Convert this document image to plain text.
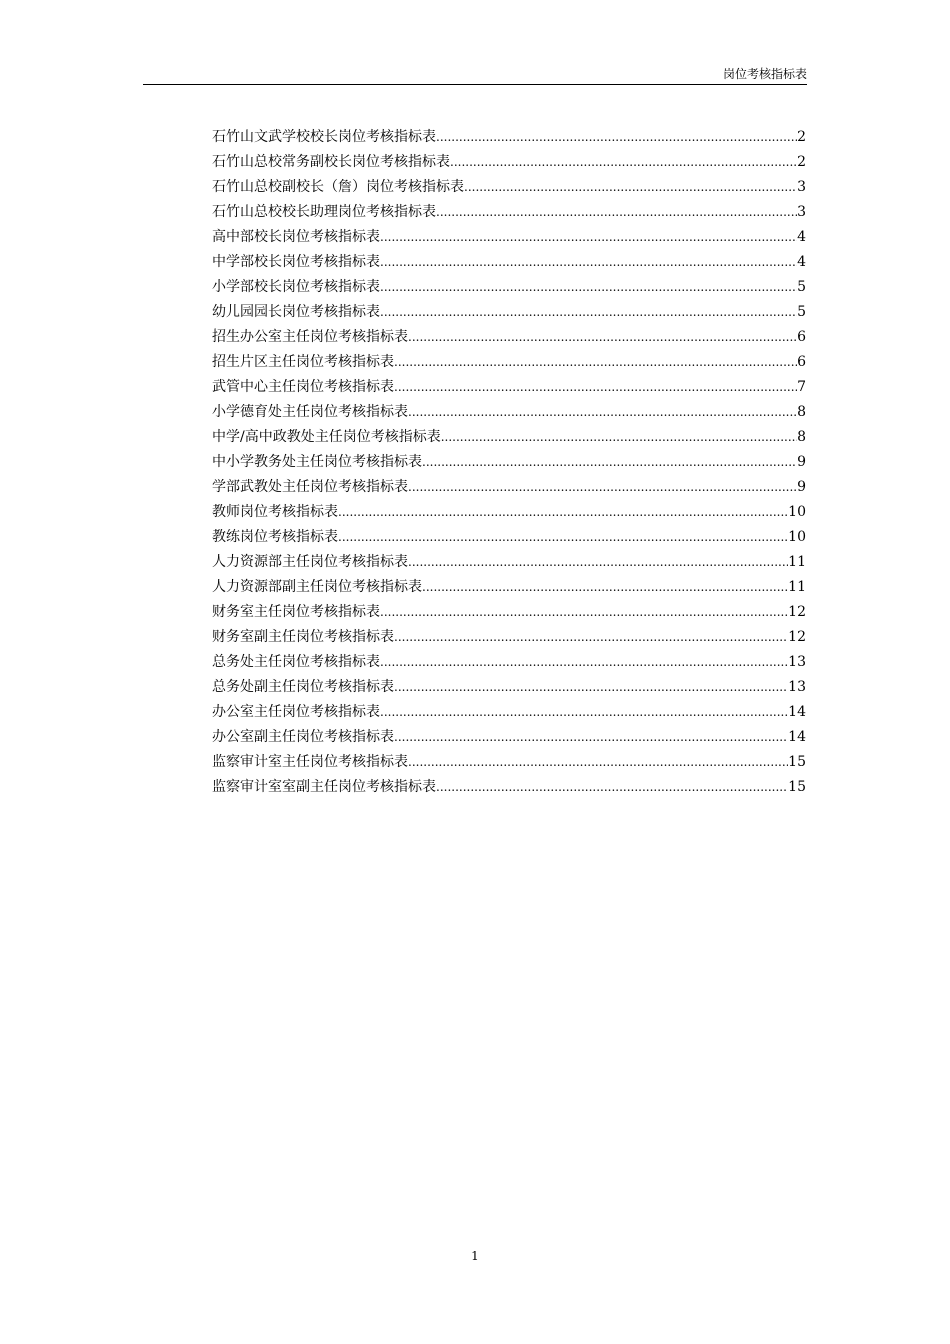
岗位考核指标表
石竹山文武学校校长岗位考核指标表 .....	2
石竹山总校常务副校长岗位考核指标表 .....	2
石竹山总校副校长（詹）岗位考核指标表 .....	3
石竹山总校校长助理岗位考核指标表 .....	3
高中部校长岗位考核指标表 .....	4
中学部校长岗位考核指标表 .....	4
小学部校长岗位考核指标表 .....	5
幼儿园园长岗位考核指标表 .....	5
招生办公室主任岗位考核指标表 .....	6
招生片区主任岗位考核指标表 .....	6
武管中心主任岗位考核指标表 .....	7
小学德育处主任岗位考核指标表 .....	8
中学/高中政教处主任岗位考核指标表 .....	8
中小学教务处主任岗位考核指标表 .....	9
学部武教处主任岗位考核指标表 .....	9
教师岗位考核指标表 .....	10
教练岗位考核指标表 .....	10
人力资源部主任岗位考核指标表 .....	11
人力资源部副主任岗位考核指标表 .....	11
财务室主任岗位考核指标表 .....	12
财务室副主任岗位考核指标表 .....	12
总务处主任岗位考核指标表 .....	13
总务处副主任岗位考核指标表 .....	13
办公室主任岗位考核指标表 .....	14
办公室副主任岗位考核指标表 .....	14
监察审计室主任岗位考核指标表 .....	15
监察审计室室副主任岗位考核指标表 .....	15
1
